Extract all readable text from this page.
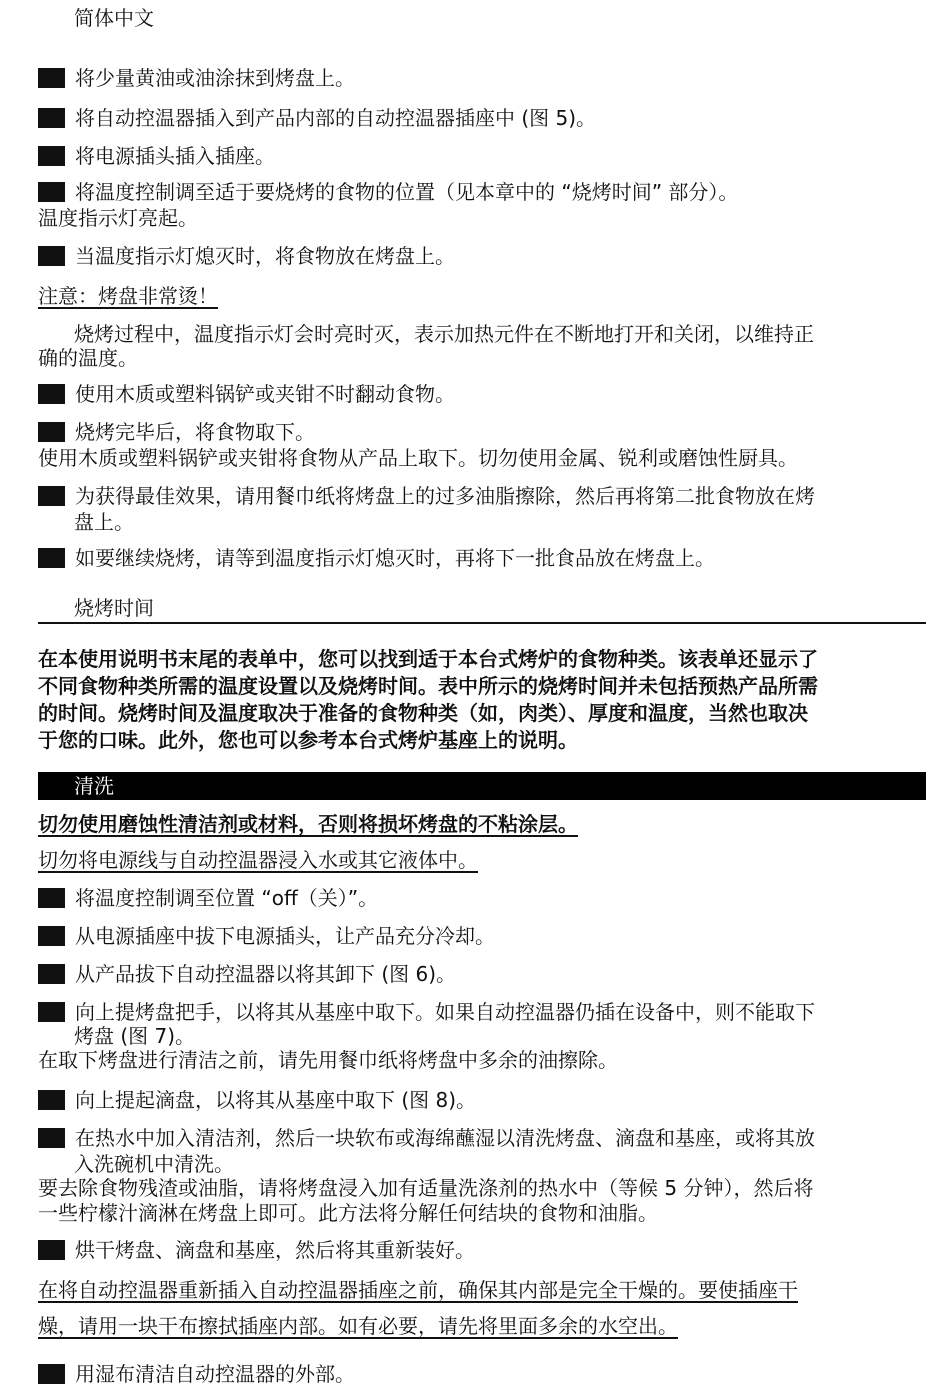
简体中文
将少量黄油或油涂抹到烤盘上。
将自动控温器插入到产品内部的自动控温器插座中 (图 5)。
将电源插头插入插座。
将温度控制调至适于要烧烤的食物的位置（见本章中的 “烧烤时间” 部分）。
温度指示灯亮起。
当温度指示灯熄灭时，将食物放在烤盘上。
注意：烤盘非常烫！
烧烤过程中，温度指示灯会时亮时灭，表示加热元件在不断地打开和关闭，以维持正
确的温度。
使用木质或塑料锅铲或夹钳不时翻动食物。
烧烤完毕后，将食物取下。
使用木质或塑料锅铲或夹钳将食物从产品上取下。切勿使用金属、锐利或磨蚀性厨具。
为获得最佳效果，请用餐巾纸将烤盘上的过多油脂擦除，然后再将第二批食物放在烤
盘上。
如要继续烧烤，请等到温度指示灯熄灭时，再将下一批食品放在烤盘上。
烧烤时间
在本使用说明书末尾的表单中，您可以找到适于本台式烤炉的食物种类。该表单还显示了
不同食物种类所需的温度设置以及烧烤时间。表中所示的烧烤时间并未包括预热产品所需
的时间。烧烤时间及温度取决于准备的食物种类（如，肉类）、厚度和温度，当然也取决
于您的口味。此外，您也可以参考本台式烤炉基座上的说明。
清洗
切勿使用磨蚀性清洁剂或材料，否则将损坏烤盘的不粘涂层。
切勿将电源线与自动控温器浸入水或其它液体中。
将温度控制调至位置 “off（关）”。
从电源插座中拔下电源插头，让产品充分冷却。
从产品拔下自动控温器以将其卸下 (图 6)。
向上提烤盘把手，以将其从基座中取下。如果自动控温器仍插在设备中，则不能取下
烤盘 (图 7)。
在取下烤盘进行清洁之前，请先用餐巾纸将烤盘中多余的油擦除。
向上提起滴盘，以将其从基座中取下 (图 8)。
在热水中加入清洁剂，然后一块软布或海绵蘸湿以清洗烤盘、滴盘和基座，或将其放
入洗碗机中清洗。
要去除食物残渣或油脂，请将烤盘浸入加有适量洗涤剂的热水中（等候 5 分钟），然后将
一些柠檬汁滴淋在烤盘上即可。此方法将分解任何结块的食物和油脂。
烘干烤盘、滴盘和基座，然后将其重新装好。
在将自动控温器重新插入自动控温器插座之前，确保其内部是完全干燥的。要使插座干
燥，请用一块干布擦拭插座内部。如有必要，请先将里面多余的水空出。
用湿布清洁自动控温器的外部。
